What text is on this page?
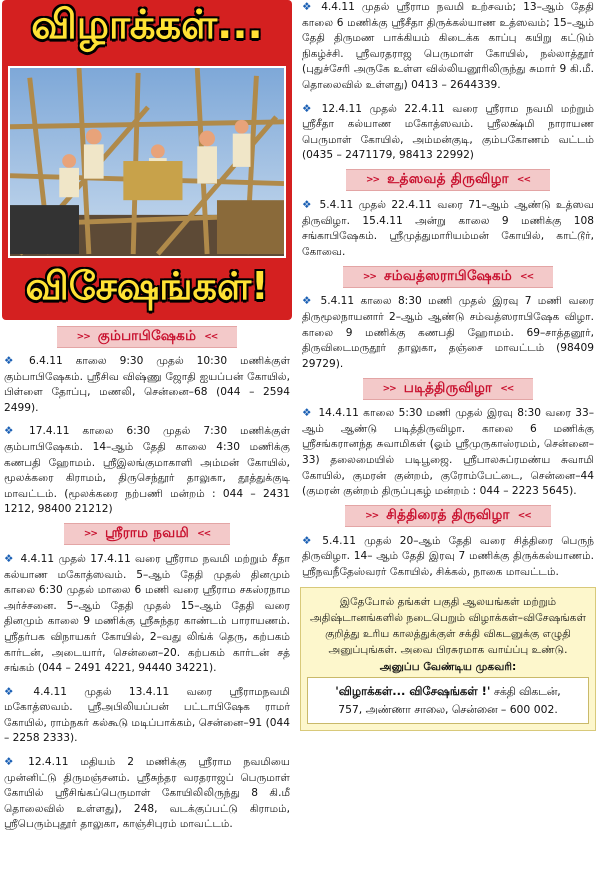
விழாக்கள்...
விசேஷங்கள்!
>> கும்பாபிஷேகம் <<

❖ 6.4.11 காலை 9:30 முதல் 10:30 மணிக்குள் கும்பாபிஷேகம். ஸ்ரீசிவ விஷ்ணு ஜோதி ஐயப்பன் கோயில், பிள்ளை தோப்பு, மணலி, சென்னை–68 (044 – 2594 2499).

❖ 17.4.11 காலை 6:30 முதல் 7:30 மணிக்குள் கும்பாபிஷேகம். 14–ஆம் தேதி காலை 4:30 மணிக்கு கணபதி ஹோமம். ஸ்ரீஇலங்குமாகாளி அம்மன் கோயில், மூலக்கரை கிராமம், திருசெந்தூர் தாலுகா, தூத்துக்குடி மாவட்டம். (மூலக்கரை நற்பணி மன்றம் : 044 – 2431 1212, 98400 21212)

>> ஸ்ரீராம நவமி <<

❖ 4.4.11 முதல் 17.4.11 வரை ஸ்ரீராம நவமி மற்றும் சீதா கல்யாண மகோத்ஸவம். 5–ஆம் தேதி முதல் தினமும் காலை 6:30 முதல் மாலை 6 மணி வரை ஸ்ரீராம சகஸ்ரநாம அர்ச்சனை. 5–ஆம் தேதி முதல் 15–ஆம் தேதி வரை தினமும் காலை 9 மணிக்கு ஸ்ரீசுந்தர காண்டம் பாராயணம். ஸ்ரீதர்பக விநாயகர் கோயில், 2–வது லிங்க் தெரு, கற்பகம் கார்டன், அடையார், சென்னை–20. கற்பகம் கார்டன் சத் சங்கம் (044 – 2491 4221, 94440 34221).

❖ 4.4.11 முதல் 13.4.11 வரை ஸ்ரீராமநவமி மகோத்ஸவம். ஸ்ரீஅபிலியப்பன் பட்டாபிஷேக ராமர் கோயில், ராம்நகர் கல்கூடு மடிப்பாக்கம், சென்னை–91 (044 – 2258 2333).

❖ 12.4.11 மதியம் 2 மணிக்கு ஸ்ரீராம நவமியை முன்னிட்டு திருமஞ்சனம். ஸ்ரீசுந்தர வரதராஜப் பெருமாள் கோயில் ஸ்ரீசிங்கப்பெருமாள் கோயிலிலிருந்து 8 கி.மீ தொலைவில் உள்ளது), 248, வடக்குப்பட்டு கிராமம், ஸ்ரீபெரும்புதூர் தாலுகா, காஞ்சிபுரம் மாவட்டம்.

❖ 4.4.11 முதல் ஸ்ரீராம நவமி உற்சவம்; 13–ஆம் தேதி காலை 6 மணிக்கு ஸ்ரீசீதா திருக்கல்யாண உத்ஸவம்; 15–ஆம் தேதி திருமண பாக்கியம் கிடைக்க காப்பு கயிறு கட்டும் நிகழ்ச்சி. ஸ்ரீவரதராஜ பெருமாள் கோயில், நல்லாத்தூர் (புதுச்சேரி அருகே உள்ள வில்லியனூரிலிருந்து சுமார் 9 கி.மீ. தொலைவில் உள்ளது) 0413 – 2644339.

❖ 12.4.11 முதல் 22.4.11 வரை ஸ்ரீராம நவமி மற்றும் ஸ்ரீசீதா கல்யாண மகோத்ஸவம். ஸ்ரீலக்ஷ்மி நாராயண பெருமாள் கோயில், அம்மன்குடி, கும்பகோணம் வட்டம் (0435 – 2471179, 98413 22992)

>> உத்ஸவத் திருவிழா <<

❖ 5.4.11 முதல் 22.4.11 வரை 71–ஆம் ஆண்டு உத்ஸவ திருவிழா. 15.4.11 அன்று காலை 9 மணிக்கு 108 சங்காபிஷேகம். ஸ்ரீமுத்துமாரியம்மன் கோயில், காட்டூர், கோவை.

>> சம்வத்ஸராபிஷேகம் <<

❖ 5.4.11 காலை 8:30 மணி முதல் இரவு 7 மணி வரை திருமூலநாயனார் 2–ஆம் ஆண்டு சம்வத்ஸராபிஷேக விழா. காலை 9 மணிக்கு கணபதி ஹோமம். 69–சாத்தனூர், திருவிடைமருதூர் தாலுகா, தஞ்சை மாவட்டம் (98409 29729).

>> படித்திருவிழா <<

❖ 14.4.11 காலை 5:30 மணி முதல் இரவு 8:30 வரை 33–ஆம் ஆண்டு படித்திருவிழா. காலை 6 மணிக்கு ஸ்ரீசங்கரானந்த சுவாமிகள் (ஓம் ஸ்ரீமுருகாஸ்ரமம், சென்னை–33) தலைமையில் படிபூஜை. ஸ்ரீபாலசுப்ரமண்ய சுவாமி கோயில், குமரன் குன்றம், குரோம்பேட்டை, சென்னை–44 (குமரன் குன்றம் திருப்புகழ் மன்றம் : 044 – 2223 5645).

>> சித்திரைத் திருவிழா <<

❖ 5.4.11 முதல் 20–ஆம் தேதி வரை சித்திரை பெருந் திருவிழா. 14– ஆம் தேதி இரவு 7 மணிக்கு திருக்கல்யாணம். ஸ்ரீநவநீதேஸ்வரர் கோயில், சிக்கல், நாகை மாவட்டம்.

இதேபோல் தங்கள் பகுதி ஆலயங்கள் மற்றும் அதிஷ்டானங்களில் நடைபெறும் விழாக்கள்–விசேஷங்கள் குறித்து உரிய காலத்துக்குள் சக்தி விகடனுக்கு எழுதி அனுப்புங்கள். அவை பிரசுரமாக வாய்ப்பு உண்டு.

அனுப்ப வேண்டிய முகவரி:
'விழாக்கள்... விசேஷங்கள் !' சக்தி விகடன்,
757, அண்ணா சாலை, சென்னை – 600 002.
